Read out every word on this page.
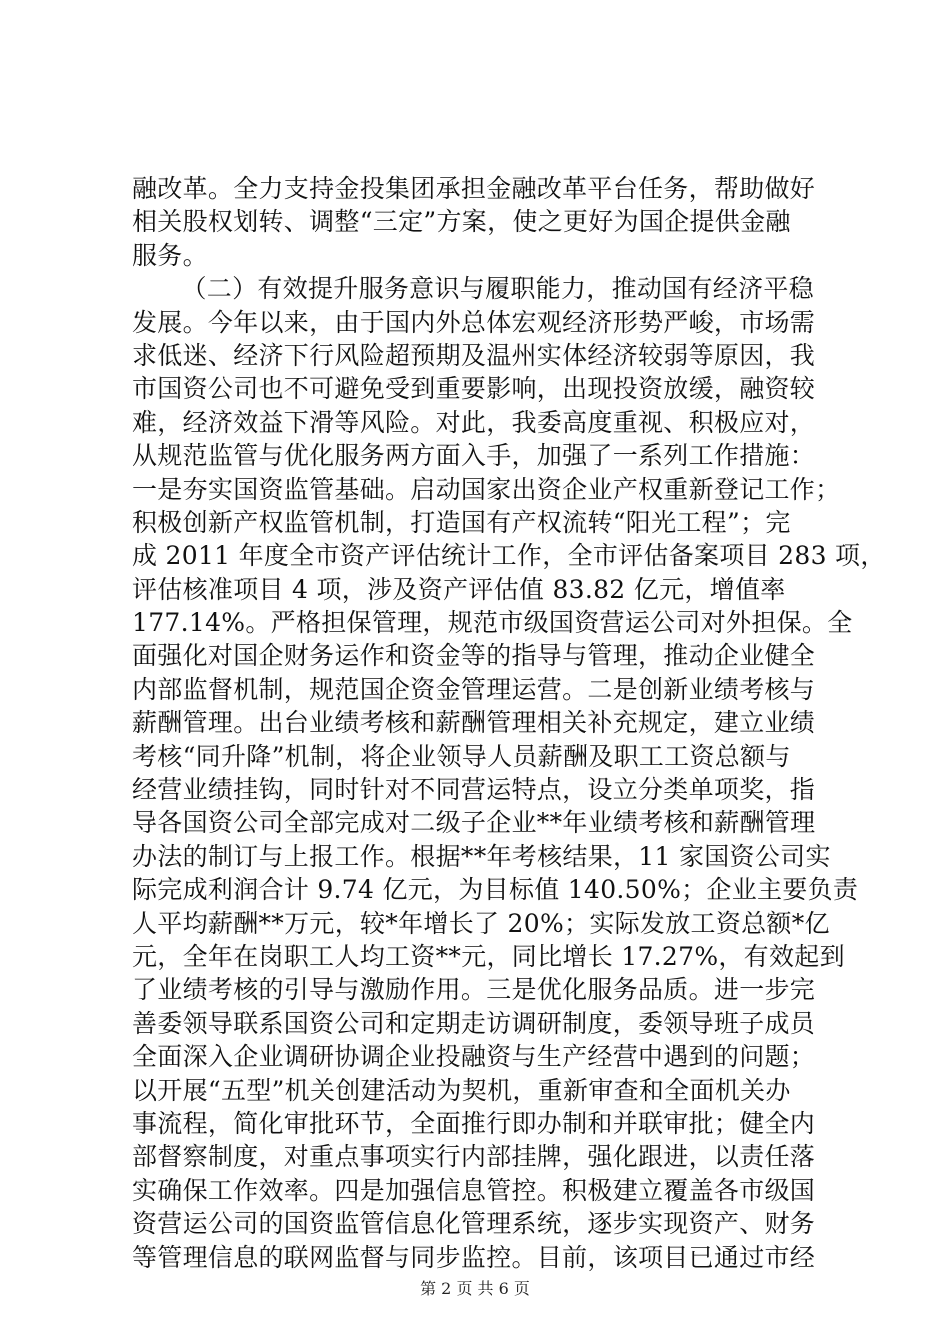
融改革。全力支持金投集团承担金融改革平台任务，帮助做好
相关股权划转、调整“三定”方案，使之更好为国企提供金融
服务。
（二）有效提升服务意识与履职能力，推动国有经济平稳
发展。今年以来，由于国内外总体宏观经济形势严峻，市场需
求低迷、经济下行风险超预期及温州实体经济较弱等原因，我
市国资公司也不可避免受到重要影响，出现投资放缓，融资较
难，经济效益下滑等风险。对此，我委高度重视、积极应对，
从规范监管与优化服务两方面入手，加强了一系列工作措施：
一是夯实国资监管基础。启动国家出资企业产权重新登记工作；
积极创新产权监管机制，打造国有产权流转“阳光工程”；完
成 2011 年度全市资产评估统计工作，全市评估备案项目 283 项，
评估核准项目 4 项，涉及资产评估值 83.82 亿元，增值率
177.14%。严格担保管理，规范市级国资营运公司对外担保。全
面强化对国企财务运作和资金等的指导与管理，推动企业健全
内部监督机制，规范国企资金管理运营。二是创新业绩考核与
薪酬管理。出台业绩考核和薪酬管理相关补充规定，建立业绩
考核“同升降”机制，将企业领导人员薪酬及职工工资总额与
经营业绩挂钩，同时针对不同营运特点，设立分类单项奖，指
导各国资公司全部完成对二级子企业**年业绩考核和薪酬管理
办法的制订与上报工作。根据**年考核结果，11 家国资公司实
际完成利润合计 9.74 亿元，为目标值 140.50%；企业主要负责
人平均薪酬**万元，较*年增长了 20%；实际发放工资总额*亿
元，全年在岗职工人均工资**元，同比增长 17.27%，有效起到
了业绩考核的引导与激励作用。三是优化服务品质。进一步完
善委领导联系国资公司和定期走访调研制度，委领导班子成员
全面深入企业调研协调企业投融资与生产经营中遇到的问题；
以开展“五型”机关创建活动为契机，重新审查和全面机关办
事流程，简化审批环节，全面推行即办制和并联审批；健全内
部督察制度，对重点事项实行内部挂牌，强化跟进，以责任落
实确保工作效率。四是加强信息管控。积极建立覆盖各市级国
资营运公司的国资监管信息化管理系统，逐步实现资产、财务
等管理信息的联网监督与同步监控。目前，该项目已通过市经
第 2 页 共 6 页
